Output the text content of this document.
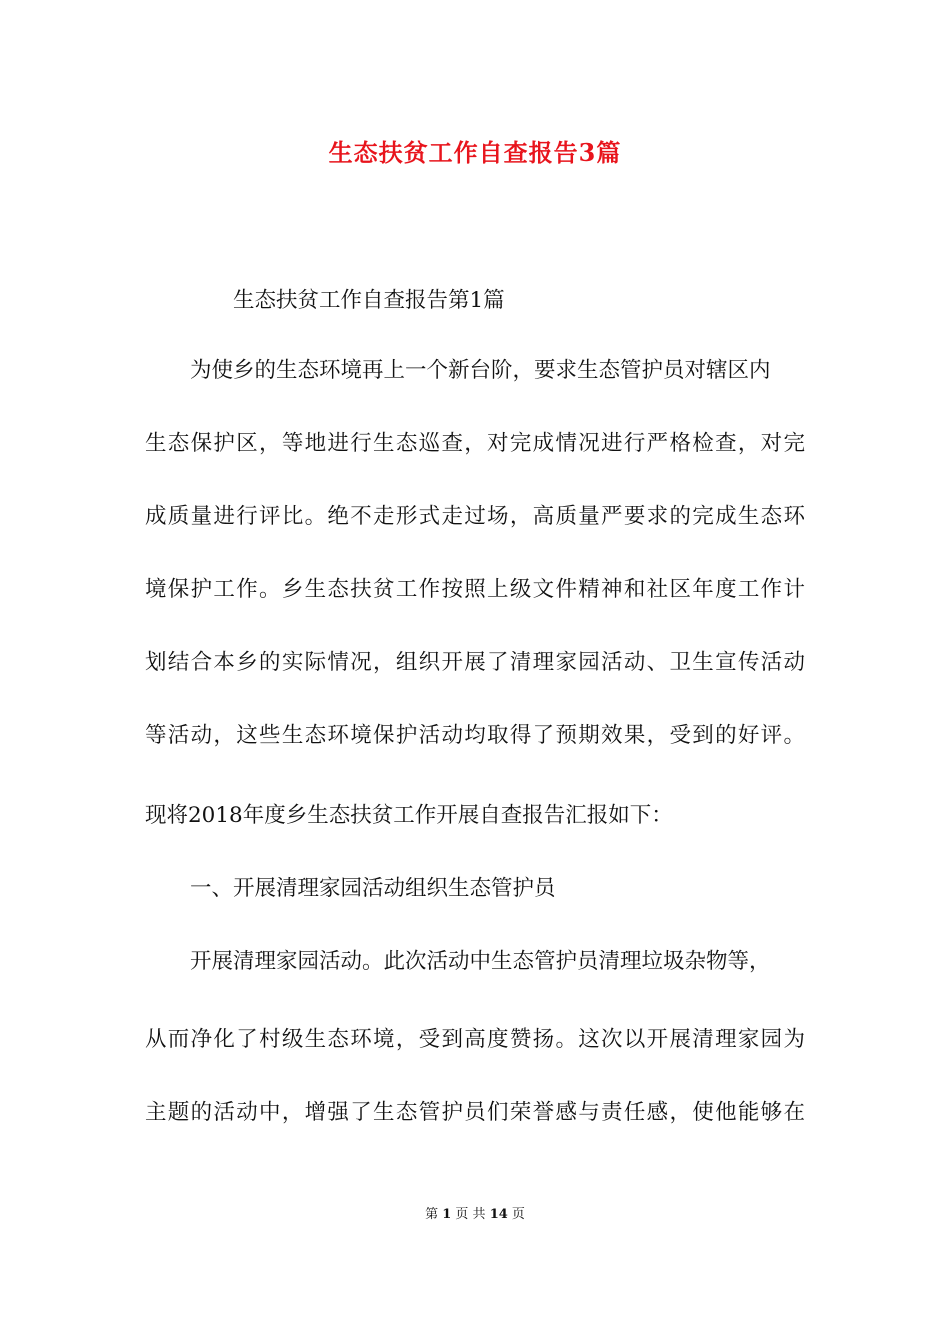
生态扶贫工作自查报告3篇
生态扶贫工作自查报告第1篇
为使乡的生态环境再上一个新台阶，要求生态管护员对辖区内
生态保护区，等地进行生态巡查，对完成情况进行严格检查，对完
成质量进行评比。绝不走形式走过场，高质量严要求的完成生态环
境保护工作。乡生态扶贫工作按照上级文件精神和社区年度工作计
划结合本乡的实际情况，组织开展了清理家园活动、卫生宣传活动
等活动，这些生态环境保护活动均取得了预期效果，受到的好评。
现将2018年度乡生态扶贫工作开展自查报告汇报如下：
一、开展清理家园活动组织生态管护员
开展清理家园活动。此次活动中生态管护员清理垃圾杂物等，
从而净化了村级生态环境，受到高度赞扬。这次以开展清理家园为
主题的活动中，增强了生态管护员们荣誉感与责任感，使他能够在
第 1 页 共 14 页
